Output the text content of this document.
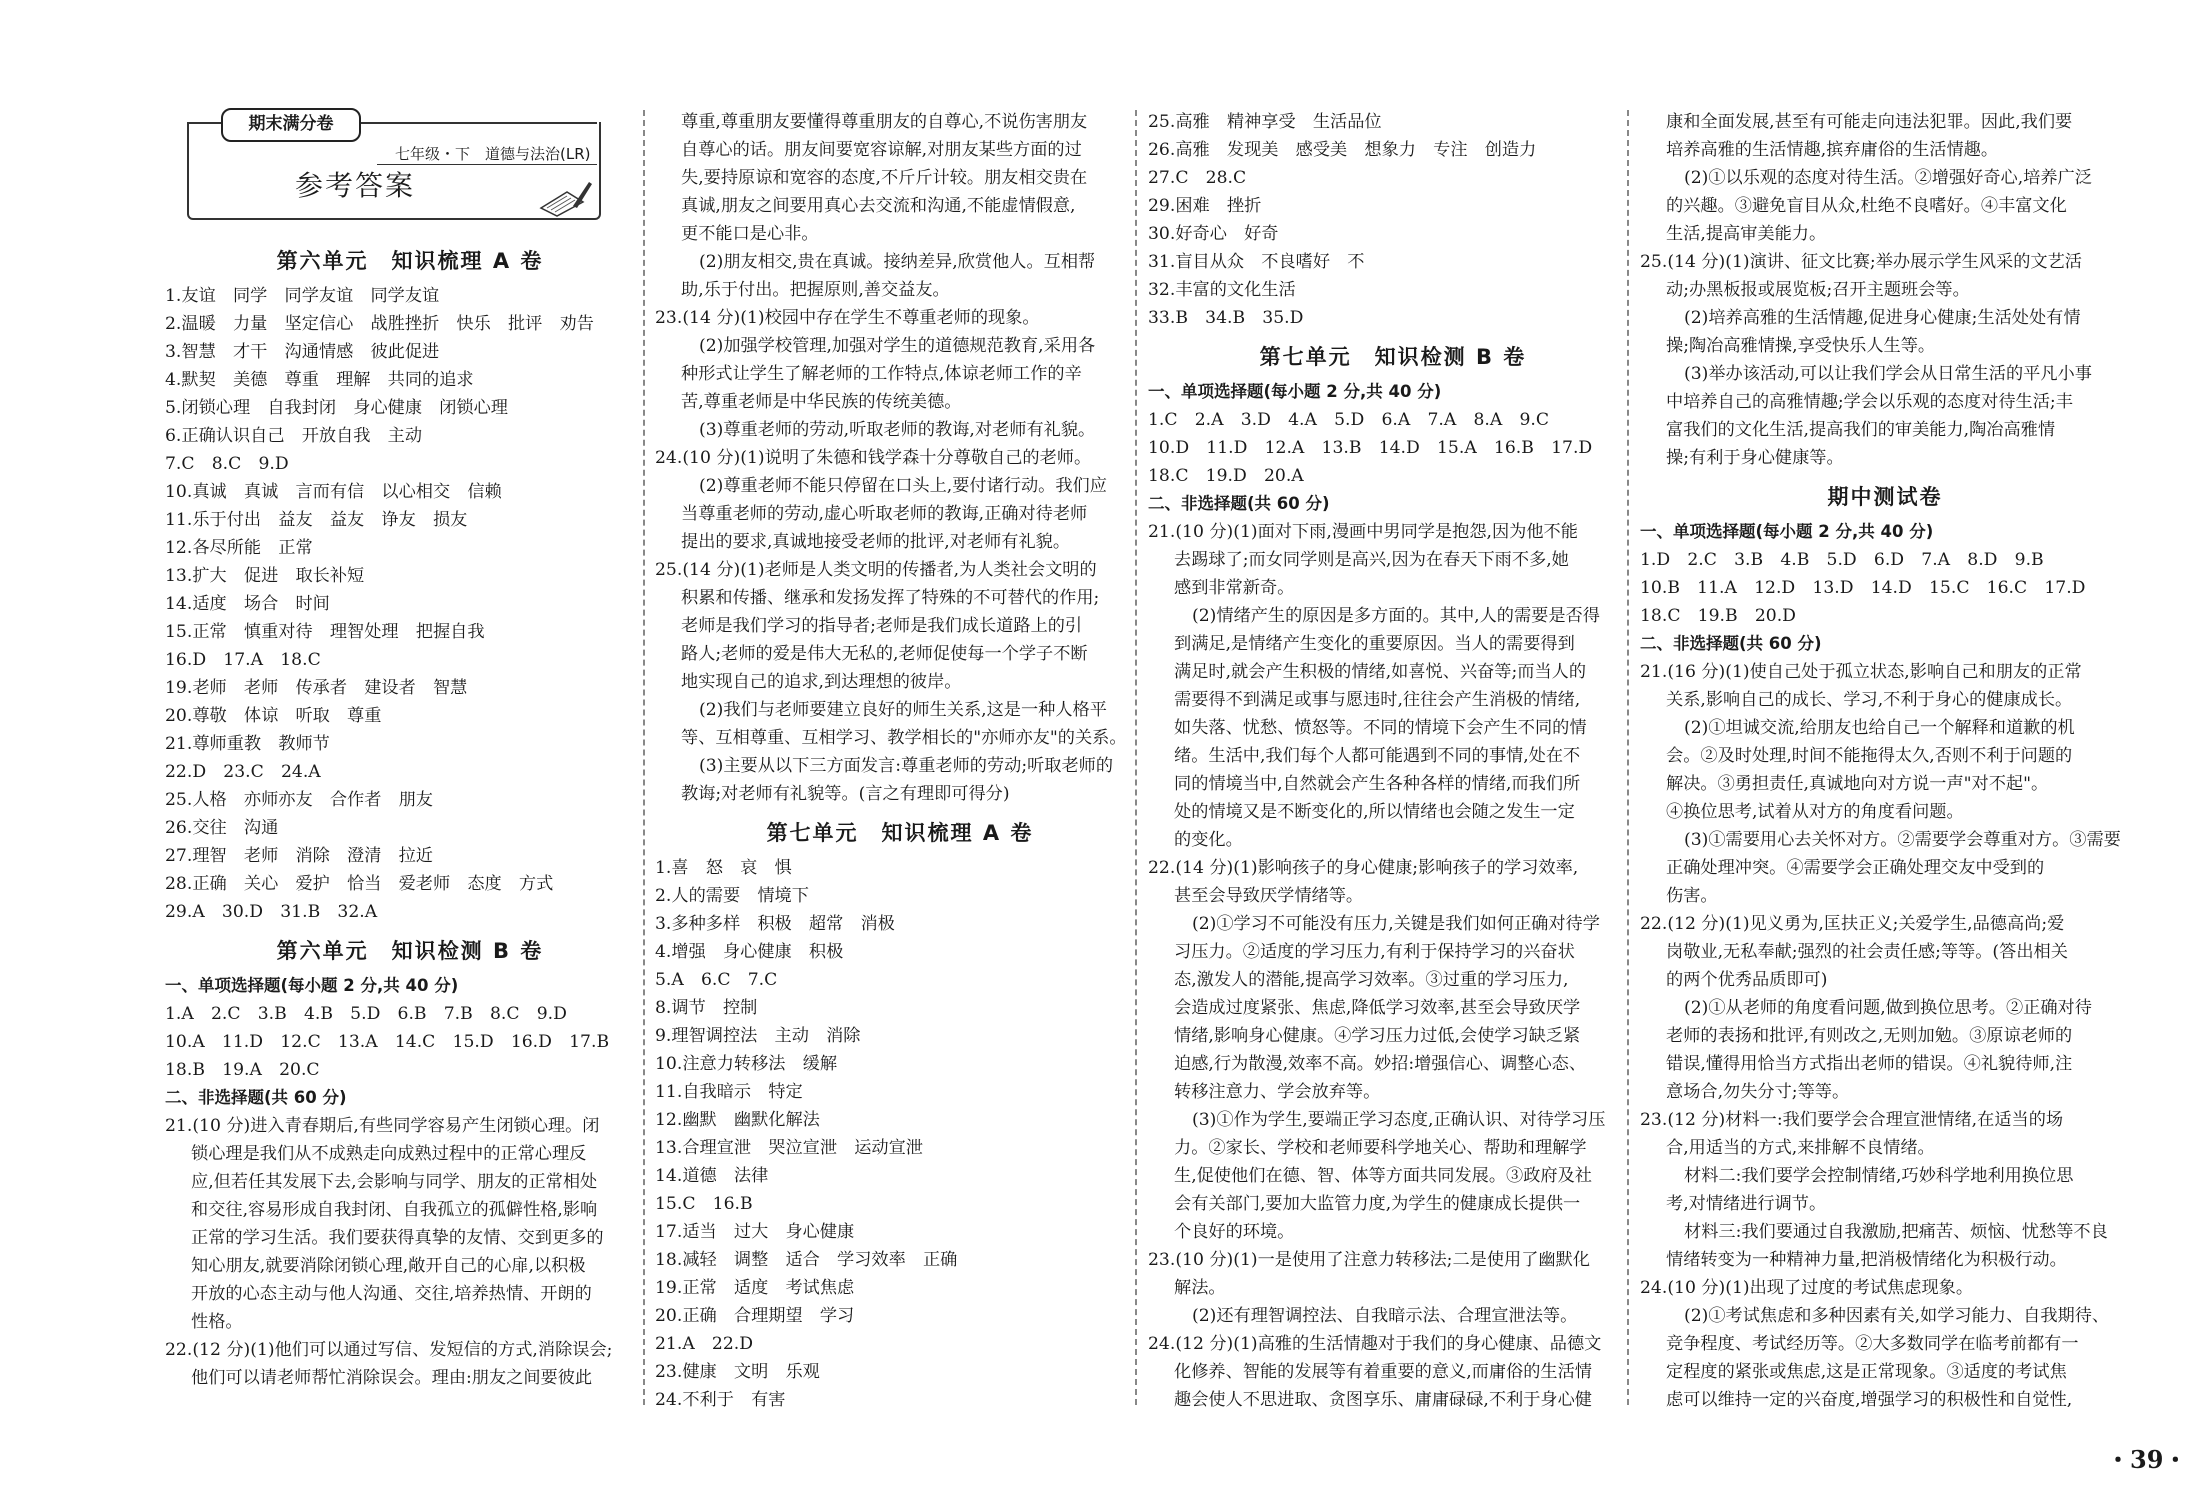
期末满分卷
七年级・下　道德与法治(LR)
参考答案
第六单元　知识梳理 A 卷
1.友谊　同学　同学友谊　同学友谊
2.温暖　力量　坚定信心　战胜挫折　快乐　批评　劝告
3.智慧　才干　沟通情感　彼此促进
4.默契　美德　尊重　理解　共同的追求
5.闭锁心理　自我封闭　身心健康　闭锁心理
6.正确认识自己　开放自我　主动
7.C　8.C　9.D
10.真诚　真诚　言而有信　以心相交　信赖
11.乐于付出　益友　益友　诤友　损友
12.各尽所能　正常
13.扩大　促进　取长补短
14.适度　场合　时间
15.正常　慎重对待　理智处理　把握自我
16.D　17.A　18.C
19.老师　老师　传承者　建设者　智慧
20.尊敬　体谅　听取　尊重
21.尊师重教　教师节
22.D　23.C　24.A
25.人格　亦师亦友　合作者　朋友
26.交往　沟通
27.理智　老师　消除　澄清　拉近
28.正确　关心　爱护　恰当　爱老师　态度　方式
29.A　30.D　31.B　32.A
第六单元　知识检测 B 卷
一、单项选择题(每小题 2 分,共 40 分)
1.A　2.C　3.B　4.B　5.D　6.B　7.B　8.C　9.D
10.A　11.D　12.C　13.A　14.C　15.D　16.D　17.B
18.B　19.A　20.C
二、非选择题(共 60 分)
21.(10 分)进入青春期后,有些同学容易产生闭锁心理。闭
锁心理是我们从不成熟走向成熟过程中的正常心理反
应,但若任其发展下去,会影响与同学、朋友的正常相处
和交往,容易形成自我封闭、自我孤立的孤僻性格,影响
正常的学习生活。我们要获得真挚的友情、交到更多的
知心朋友,就要消除闭锁心理,敞开自己的心扉,以积极
开放的心态主动与他人沟通、交往,培养热情、开朗的
性格。
22.(12 分)(1)他们可以通过写信、发短信的方式,消除误会;
他们可以请老师帮忙消除误会。理由:朋友之间要彼此
尊重,尊重朋友要懂得尊重朋友的自尊心,不说伤害朋友
自尊心的话。朋友间要宽容谅解,对朋友某些方面的过
失,要持原谅和宽容的态度,不斤斤计较。朋友相交贵在
真诚,朋友之间要用真心去交流和沟通,不能虚情假意,
更不能口是心非。
(2)朋友相交,贵在真诚。接纳差异,欣赏他人。互相帮
助,乐于付出。把握原则,善交益友。
23.(14 分)(1)校园中存在学生不尊重老师的现象。
(2)加强学校管理,加强对学生的道德规范教育,采用各
种形式让学生了解老师的工作特点,体谅老师工作的辛
苦,尊重老师是中华民族的传统美德。
(3)尊重老师的劳动,听取老师的教诲,对老师有礼貌。
24.(10 分)(1)说明了朱德和钱学森十分尊敬自己的老师。
(2)尊重老师不能只停留在口头上,要付诸行动。我们应
当尊重老师的劳动,虚心听取老师的教诲,正确对待老师
提出的要求,真诚地接受老师的批评,对老师有礼貌。
25.(14 分)(1)老师是人类文明的传播者,为人类社会文明的
积累和传播、继承和发扬发挥了特殊的不可替代的作用;
老师是我们学习的指导者;老师是我们成长道路上的引
路人;老师的爱是伟大无私的,老师促使每一个学子不断
地实现自己的追求,到达理想的彼岸。
(2)我们与老师要建立良好的师生关系,这是一种人格平
等、互相尊重、互相学习、教学相长的"亦师亦友"的关系。
(3)主要从以下三方面发言:尊重老师的劳动;听取老师的
教诲;对老师有礼貌等。(言之有理即可得分)
第七单元　知识梳理 A 卷
1.喜　怒　哀　惧
2.人的需要　情境下
3.多种多样　积极　超常　消极
4.增强　身心健康　积极
5.A　6.C　7.C
8.调节　控制
9.理智调控法　主动　消除
10.注意力转移法　缓解
11.自我暗示　特定
12.幽默　幽默化解法
13.合理宣泄　哭泣宣泄　运动宣泄
14.道德　法律
15.C　16.B
17.适当　过大　身心健康
18.减轻　调整　适合　学习效率　正确
19.正常　适度　考试焦虑
20.正确　合理期望　学习
21.A　22.D
23.健康　文明　乐观
24.不利于　有害
25.高雅　精神享受　生活品位
26.高雅　发现美　感受美　想象力　专注　创造力
27.C　28.C
29.困难　挫折
30.好奇心　好奇
31.盲目从众　不良嗜好　不
32.丰富的文化生活
33.B　34.B　35.D
第七单元　知识检测 B 卷
一、单项选择题(每小题 2 分,共 40 分)
1.C　2.A　3.D　4.A　5.D　6.A　7.A　8.A　9.C
10.D　11.D　12.A　13.B　14.D　15.A　16.B　17.D
18.C　19.D　20.A
二、非选择题(共 60 分)
21.(10 分)(1)面对下雨,漫画中男同学是抱怨,因为他不能
去踢球了;而女同学则是高兴,因为在春天下雨不多,她
感到非常新奇。
(2)情绪产生的原因是多方面的。其中,人的需要是否得
到满足,是情绪产生变化的重要原因。当人的需要得到
满足时,就会产生积极的情绪,如喜悦、兴奋等;而当人的
需要得不到满足或事与愿违时,往往会产生消极的情绪,
如失落、忧愁、愤怒等。不同的情境下会产生不同的情
绪。生活中,我们每个人都可能遇到不同的事情,处在不
同的情境当中,自然就会产生各种各样的情绪,而我们所
处的情境又是不断变化的,所以情绪也会随之发生一定
的变化。
22.(14 分)(1)影响孩子的身心健康;影响孩子的学习效率,
甚至会导致厌学情绪等。
(2)①学习不可能没有压力,关键是我们如何正确对待学
习压力。②适度的学习压力,有利于保持学习的兴奋状
态,激发人的潜能,提高学习效率。③过重的学习压力,
会造成过度紧张、焦虑,降低学习效率,甚至会导致厌学
情绪,影响身心健康。④学习压力过低,会使学习缺乏紧
迫感,行为散漫,效率不高。妙招:增强信心、调整心态、
转移注意力、学会放弃等。
(3)①作为学生,要端正学习态度,正确认识、对待学习压
力。②家长、学校和老师要科学地关心、帮助和理解学
生,促使他们在德、智、体等方面共同发展。③政府及社
会有关部门,要加大监管力度,为学生的健康成长提供一
个良好的环境。
23.(10 分)(1)一是使用了注意力转移法;二是使用了幽默化
解法。
(2)还有理智调控法、自我暗示法、合理宣泄法等。
24.(12 分)(1)高雅的生活情趣对于我们的身心健康、品德文
化修养、智能的发展等有着重要的意义,而庸俗的生活情
趣会使人不思进取、贪图享乐、庸庸碌碌,不利于身心健
康和全面发展,甚至有可能走向违法犯罪。因此,我们要
培养高雅的生活情趣,摈弃庸俗的生活情趣。
(2)①以乐观的态度对待生活。②增强好奇心,培养广泛
的兴趣。③避免盲目从众,杜绝不良嗜好。④丰富文化
生活,提高审美能力。
25.(14 分)(1)演讲、征文比赛;举办展示学生风采的文艺活
动;办黑板报或展览板;召开主题班会等。
(2)培养高雅的生活情趣,促进身心健康;生活处处有情
操;陶冶高雅情操,享受快乐人生等。
(3)举办该活动,可以让我们学会从日常生活的平凡小事
中培养自己的高雅情趣;学会以乐观的态度对待生活;丰
富我们的文化生活,提高我们的审美能力,陶冶高雅情
操;有利于身心健康等。
期中测试卷
一、单项选择题(每小题 2 分,共 40 分)
1.D　2.C　3.B　4.B　5.D　6.D　7.A　8.D　9.B
10.B　11.A　12.D　13.D　14.D　15.C　16.C　17.D
18.C　19.B　20.D
二、非选择题(共 60 分)
21.(16 分)(1)使自己处于孤立状态,影响自己和朋友的正常
关系,影响自己的成长、学习,不利于身心的健康成长。
(2)①坦诚交流,给朋友也给自己一个解释和道歉的机
会。②及时处理,时间不能拖得太久,否则不利于问题的
解决。③勇担责任,真诚地向对方说一声"对不起"。
④换位思考,试着从对方的角度看问题。
(3)①需要用心去关怀对方。②需要学会尊重对方。③需要
正确处理冲突。④需要学会正确处理交友中受到的
伤害。
22.(12 分)(1)见义勇为,匡扶正义;关爱学生,品德高尚;爱
岗敬业,无私奉献;强烈的社会责任感;等等。(答出相关
的两个优秀品质即可)
(2)①从老师的角度看问题,做到换位思考。②正确对待
老师的表扬和批评,有则改之,无则加勉。③原谅老师的
错误,懂得用恰当方式指出老师的错误。④礼貌待师,注
意场合,勿失分寸;等等。
23.(12 分)材料一:我们要学会合理宣泄情绪,在适当的场
合,用适当的方式,来排解不良情绪。
材料二:我们要学会控制情绪,巧妙科学地利用换位思
考,对情绪进行调节。
材料三:我们要通过自我激励,把痛苦、烦恼、忧愁等不良
情绪转变为一种精神力量,把消极情绪化为积极行动。
24.(10 分)(1)出现了过度的考试焦虑现象。
(2)①考试焦虑和多种因素有关,如学习能力、自我期待、
竞争程度、考试经历等。②大多数同学在临考前都有一
定程度的紧张或焦虑,这是正常现象。③适度的考试焦
虑可以维持一定的兴奋度,增强学习的积极性和自觉性,
・39・
